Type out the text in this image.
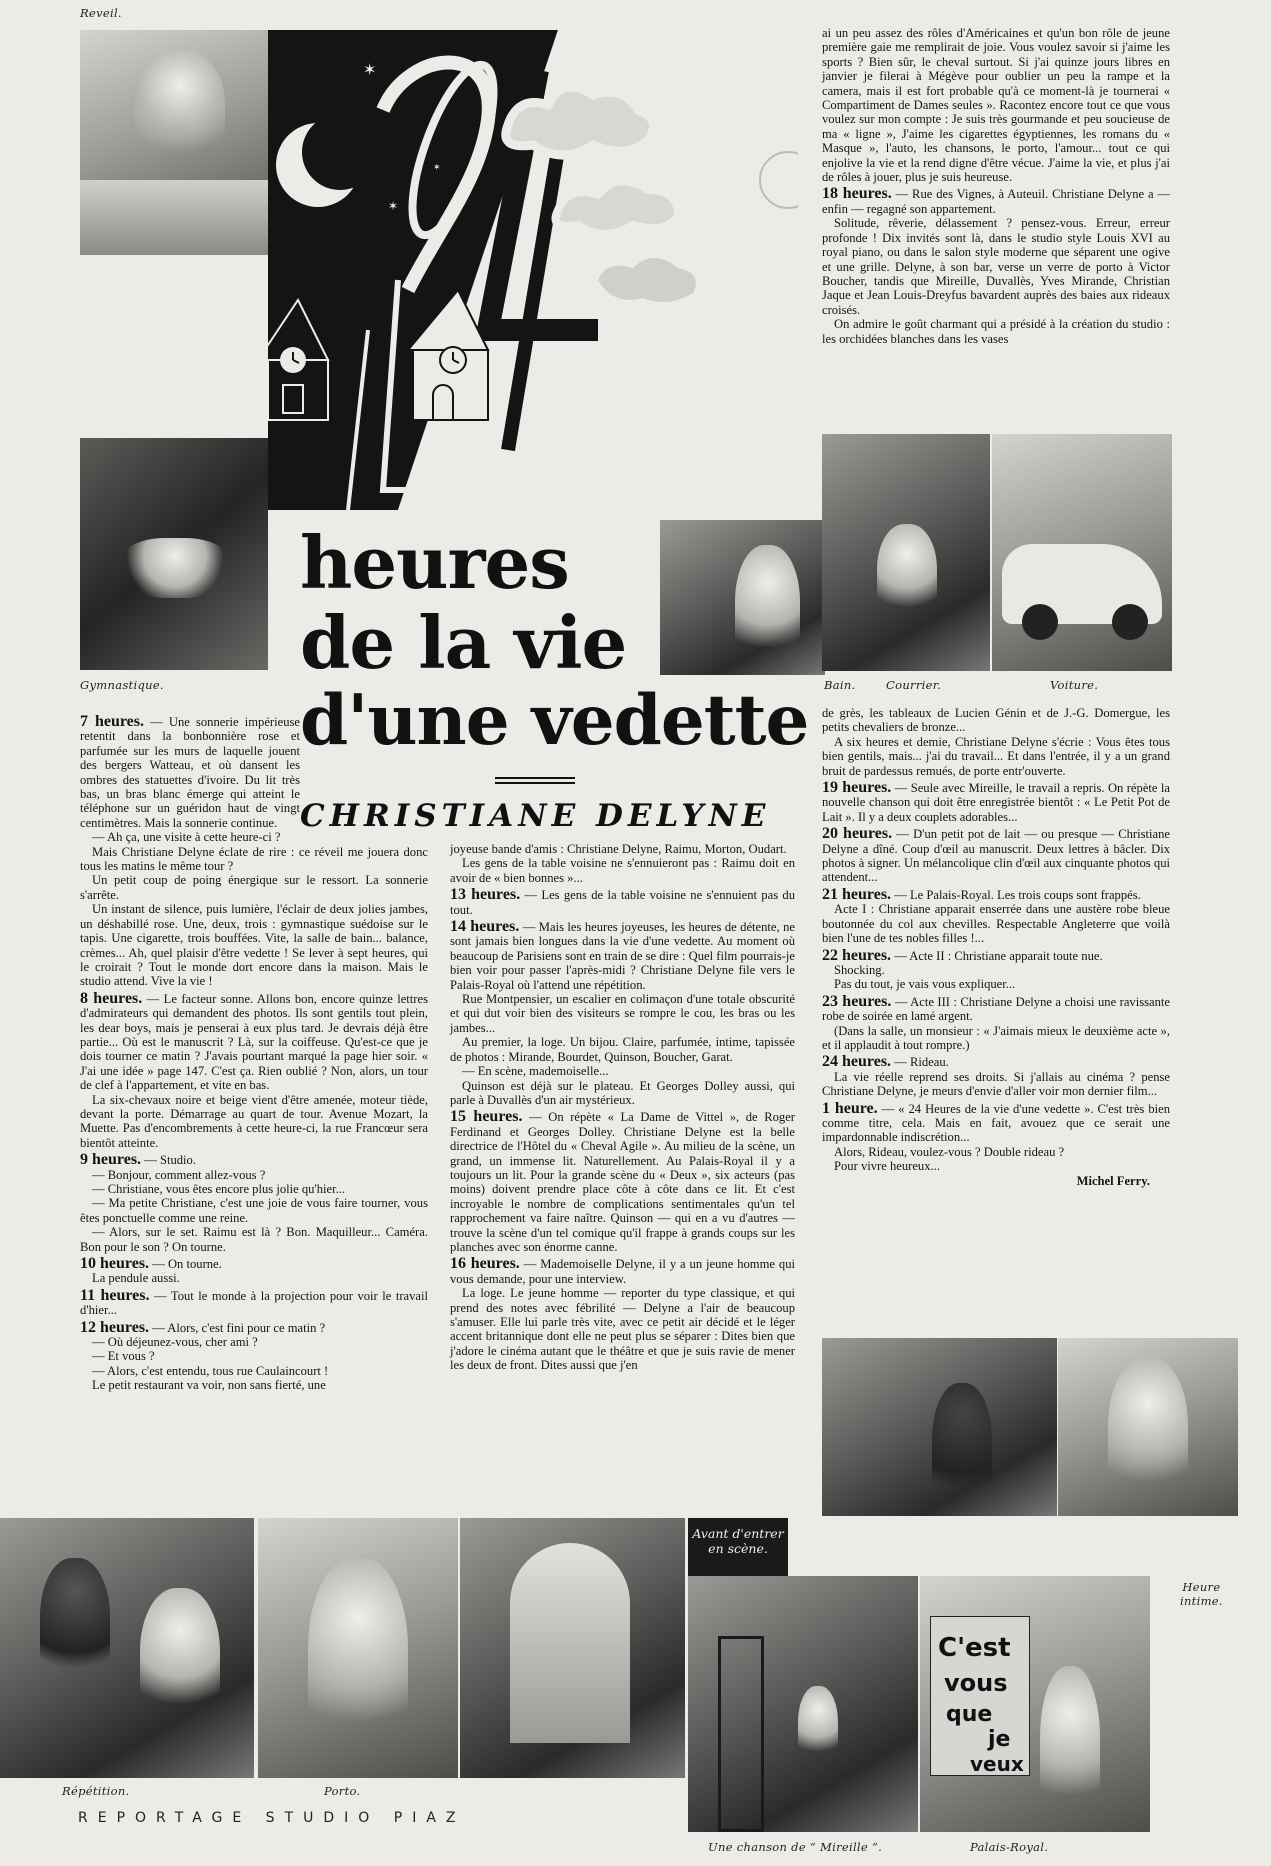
Reveil.
✶
✶
✶
✶
Gymnastique.
heures
de la vie
d'une vedette
CHRISTIANE DELYNE
Bain.	Courrier.	Voiture.

7 heures. — Une sonnerie impérieuse retentit dans la bonbonnière rose et parfumée sur les murs de laquelle jouent des bergers Watteau, et où dansent les ombres des statuettes d'ivoire. Du lit très bas, un bras blanc émerge qui atteint le téléphone sur un guéridon haut de vingt centimètres. Mais la sonnerie continue.

— Ah ça, une visite à cette heure-ci ?

Mais Christiane Delyne éclate de rire : ce réveil me jouera donc tous les matins le même tour ?

Un petit coup de poing énergique sur le ressort. La sonnerie s'arrête.

Un instant de silence, puis lumière, l'éclair de deux jolies jambes, un déshabillé rose. Une, deux, trois : gymnastique suédoise sur le tapis. Une cigarette, trois bouffées. Vite, la salle de bain... balance, crèmes... Ah, quel plaisir d'être vedette ! Se lever à sept heures, qui le croirait ? Tout le monde dort encore dans la maison. Mais le studio attend. Vive la vie !

8 heures. — Le facteur sonne. Allons bon, encore quinze lettres d'admirateurs qui demandent des photos. Ils sont gentils tout plein, les dear boys, mais je penserai à eux plus tard. Je devrais déjà être partie... Où est le manuscrit ? Là, sur la coiffeuse. Qu'est-ce que je dois tourner ce matin ? J'avais pourtant marqué la page hier soir. « J'ai une idée » page 147. C'est ça. Rien oublié ? Non, alors, un tour de clef à l'appartement, et vite en bas.

La six-chevaux noire et beige vient d'être amenée, moteur tiède, devant la porte. Démarrage au quart de tour. Avenue Mozart, la Muette. Pas d'encombrements à cette heure-ci, la rue Francœur sera bientôt atteinte.

9 heures. — Studio.

— Bonjour, comment allez-vous ?

— Christiane, vous êtes encore plus jolie qu'hier...

— Ma petite Christiane, c'est une joie de vous faire tourner, vous êtes ponctuelle comme une reine.

— Alors, sur le set. Raimu est là ? Bon. Maquilleur... Caméra. Bon pour le son ? On tourne.

10 heures. — On tourne.

La pendule aussi.

11 heures. — Tout le monde à la projection pour voir le travail d'hier...

12 heures. — Alors, c'est fini pour ce matin ?

— Où déjeunez-vous, cher ami ?

— Et vous ?

— Alors, c'est entendu, tous rue Caulaincourt !

Le petit restaurant va voir, non sans fierté, une

joyeuse bande d'amis : Christiane Delyne, Raimu, Morton, Oudart.

Les gens de la table voisine ne s'ennuieront pas : Raimu doit en avoir de « bien bonnes »...

13 heures. — Les gens de la table voisine ne s'ennuient pas du tout.

14 heures. — Mais les heures joyeuses, les heures de détente, ne sont jamais bien longues dans la vie d'une vedette. Au moment où beaucoup de Parisiens sont en train de se dire : Quel film pourrais-je bien voir pour passer l'après-midi ? Christiane Delyne file vers le Palais-Royal où l'attend une répétition.

Rue Montpensier, un escalier en colimaçon d'une totale obscurité et qui dut voir bien des visiteurs se rompre le cou, les bras ou les jambes...

Au premier, la loge. Un bijou. Claire, parfumée, intime, tapissée de photos : Mirande, Bourdet, Quinson, Boucher, Garat.

— En scène, mademoiselle...

Quinson est déjà sur le plateau. Et Georges Dolley aussi, qui parle à Duvallès d'un air mystérieux.

15 heures. — On répète « La Dame de Vittel », de Roger Ferdinand et Georges Dolley. Christiane Delyne est la belle directrice de l'Hôtel du « Cheval Agile ». Au milieu de la scène, un grand, un immense lit. Naturellement. Au Palais-Royal il y a toujours un lit. Pour la grande scène du « Deux », six acteurs (pas moins) doivent prendre place côte à côte dans ce lit. Et c'est incroyable le nombre de complications sentimentales qu'un tel rapprochement va faire naître. Quinson — qui en a vu d'autres — trouve la scène d'un tel comique qu'il frappe à grands coups sur les planches avec son énorme canne.

16 heures. — Mademoiselle Delyne, il y a un jeune homme qui vous demande, pour une interview.

La loge. Le jeune homme — reporter du type classique, et qui prend des notes avec fébrilité — Delyne a l'air de beaucoup s'amuser. Elle lui parle très vite, avec ce petit air décidé et le léger accent britannique dont elle ne peut plus se séparer : Dites bien que j'adore le cinéma autant que le théâtre et que je suis ravie de mener les deux de front. Dites aussi que j'en

ai un peu assez des rôles d'Américaines et qu'un bon rôle de jeune première gaie me remplirait de joie. Vous voulez savoir si j'aime les sports ? Bien sûr, le cheval surtout. Si j'ai quinze jours libres en janvier je filerai à Mégève pour oublier un peu la rampe et la camera, mais il est fort probable qu'à ce moment-là je tournerai « Compartiment de Dames seules ». Racontez encore tout ce que vous voulez sur mon compte : Je suis très gourmande et peu soucieuse de ma « ligne », J'aime les cigarettes égyptiennes, les romans du « Masque », l'auto, les chansons, le porto, l'amour... tout ce qui enjolive la vie et la rend digne d'être vécue. J'aime la vie, et plus j'ai de rôles à jouer, plus je suis heureuse.

18 heures. — Rue des Vignes, à Auteuil. Christiane Delyne a — enfin — regagné son appartement.

Solitude, rêverie, délassement ? pensez-vous. Erreur, erreur profonde ! Dix invités sont là, dans le studio style Louis XVI au royal piano, ou dans le salon style moderne que séparent une ogive et une grille. Delyne, à son bar, verse un verre de porto à Victor Boucher, tandis que Mireille, Duvallès, Yves Mirande, Christian Jaque et Jean Louis-Dreyfus bavardent auprès des baies aux rideaux croisés.

On admire le goût charmant qui a présidé à la création du studio : les orchidées blanches dans les vases

de grès, les tableaux de Lucien Génin et de J.-G. Domergue, les petits chevaliers de bronze...

A six heures et demie, Christiane Delyne s'écrie : Vous êtes tous bien gentils, mais... j'ai du travail... Et dans l'entrée, il y a un grand bruit de pardessus remués, de porte entr'ouverte.

19 heures. — Seule avec Mireille, le travail a repris. On répète la nouvelle chanson qui doit être enregistrée bientôt : « Le Petit Pot de Lait ». Il y a deux couplets adorables...

20 heures. — D'un petit pot de lait — ou presque — Christiane Delyne a dîné. Coup d'œil au manuscrit. Deux lettres à bâcler. Dix photos à signer. Un mélancolique clin d'œil aux cinquante photos qui attendent...

21 heures. — Le Palais-Royal. Les trois coups sont frappés.

Acte I : Christiane apparait enserrée dans une austère robe bleue boutonnée du col aux chevilles. Respectable Angleterre que voilà bien l'une de tes nobles filles !...

22 heures. — Acte II : Christiane apparait toute nue.

Shocking.

Pas du tout, je vais vous expliquer...

23 heures. — Acte III : Christiane Delyne a choisi une ravissante robe de soirée en lamé argent.

(Dans la salle, un monsieur : « J'aimais mieux le deuxième acte », et il applaudit à tout rompre.)

24 heures. — Rideau.

La vie réelle reprend ses droits. Si j'allais au cinéma ? pense Christiane Delyne, je meurs d'envie d'aller voir mon dernier film...

1 heure. — « 24 Heures de la vie d'une vedette ». C'est très bien comme titre, cela. Mais en fait, avouez que ce serait une impardonnable indiscrétion...

Alors, Rideau, voulez-vous ? Double rideau ?

Pour vivre heureux...

Michel Ferry.

Avant d'entrer
en scène.
C'est
vous
que
je
veux
Heure
intime.
Répétition.	Porto.
Une chanson de “ Mireille ”.	Palais-Royal.
REPORTAGE STUDIO PIAZ
